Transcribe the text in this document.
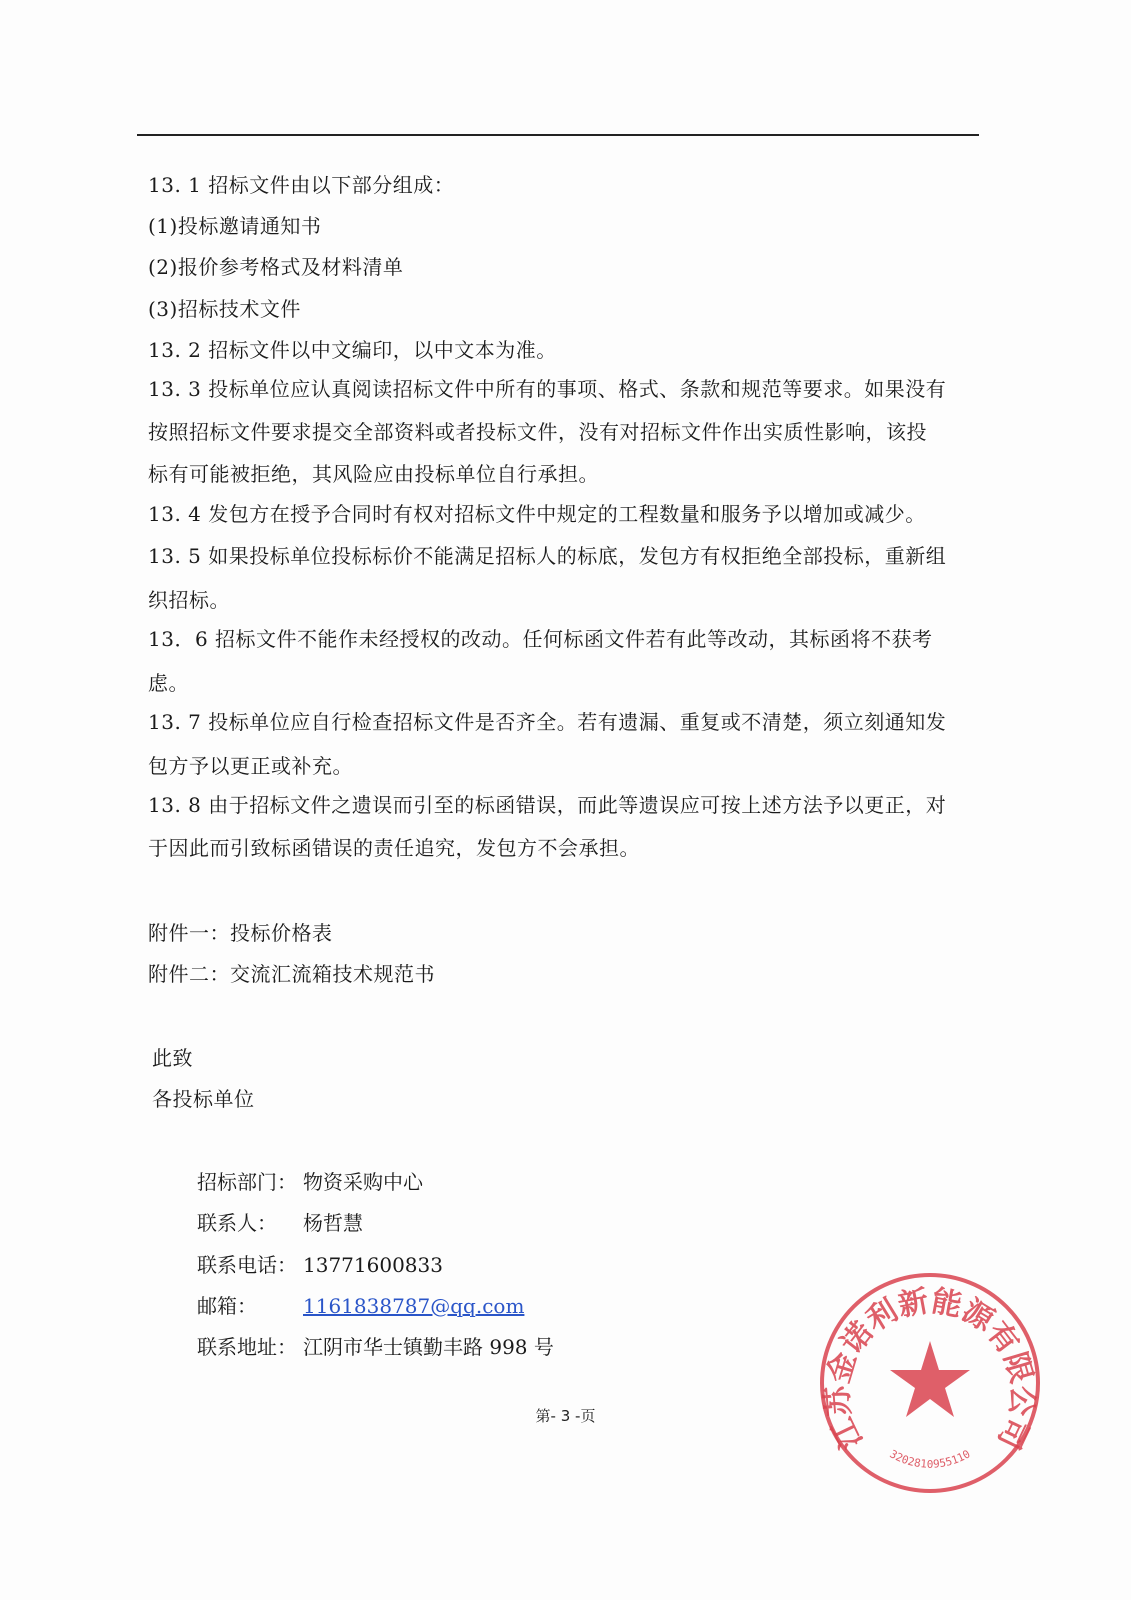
13. 1 招标文件由以下部分组成：
(1)投标邀请通知书
(2)报价参考格式及材料清单
(3)招标技术文件
13. 2 招标文件以中文编印，以中文本为准。
13. 3 投标单位应认真阅读招标文件中所有的事项、格式、条款和规范等要求。如果没有
按照招标文件要求提交全部资料或者投标文件，没有对招标文件作出实质性影响，该投
标有可能被拒绝，其风险应由投标单位自行承担。
13. 4 发包方在授予合同时有权对招标文件中规定的工程数量和服务予以增加或减少。
13. 5 如果投标单位投标标价不能满足招标人的标底，发包方有权拒绝全部投标，重新组
织招标。
13．6 招标文件不能作未经授权的改动。任何标函文件若有此等改动，其标函将不获考
虑。
13. 7 投标单位应自行检查招标文件是否齐全。若有遗漏、重复或不清楚，须立刻通知发
包方予以更正或补充。
13. 8 由于招标文件之遗误而引至的标函错误，而此等遗误应可按上述方法予以更正，对
于因此而引致标函错误的责任追究，发包方不会承担。
附件一：投标价格表
附件二：交流汇流箱技术规范书
此致
各投标单位
招标部门： 物资采购中心
联系人： 杨哲慧
联系电话： 13771600833
邮箱： 1161838787@qq.com
联系地址： 江阴市华士镇勤丰路 998 号
第- 3 -页	江苏金诺利新能源有限公司
3202810955110
